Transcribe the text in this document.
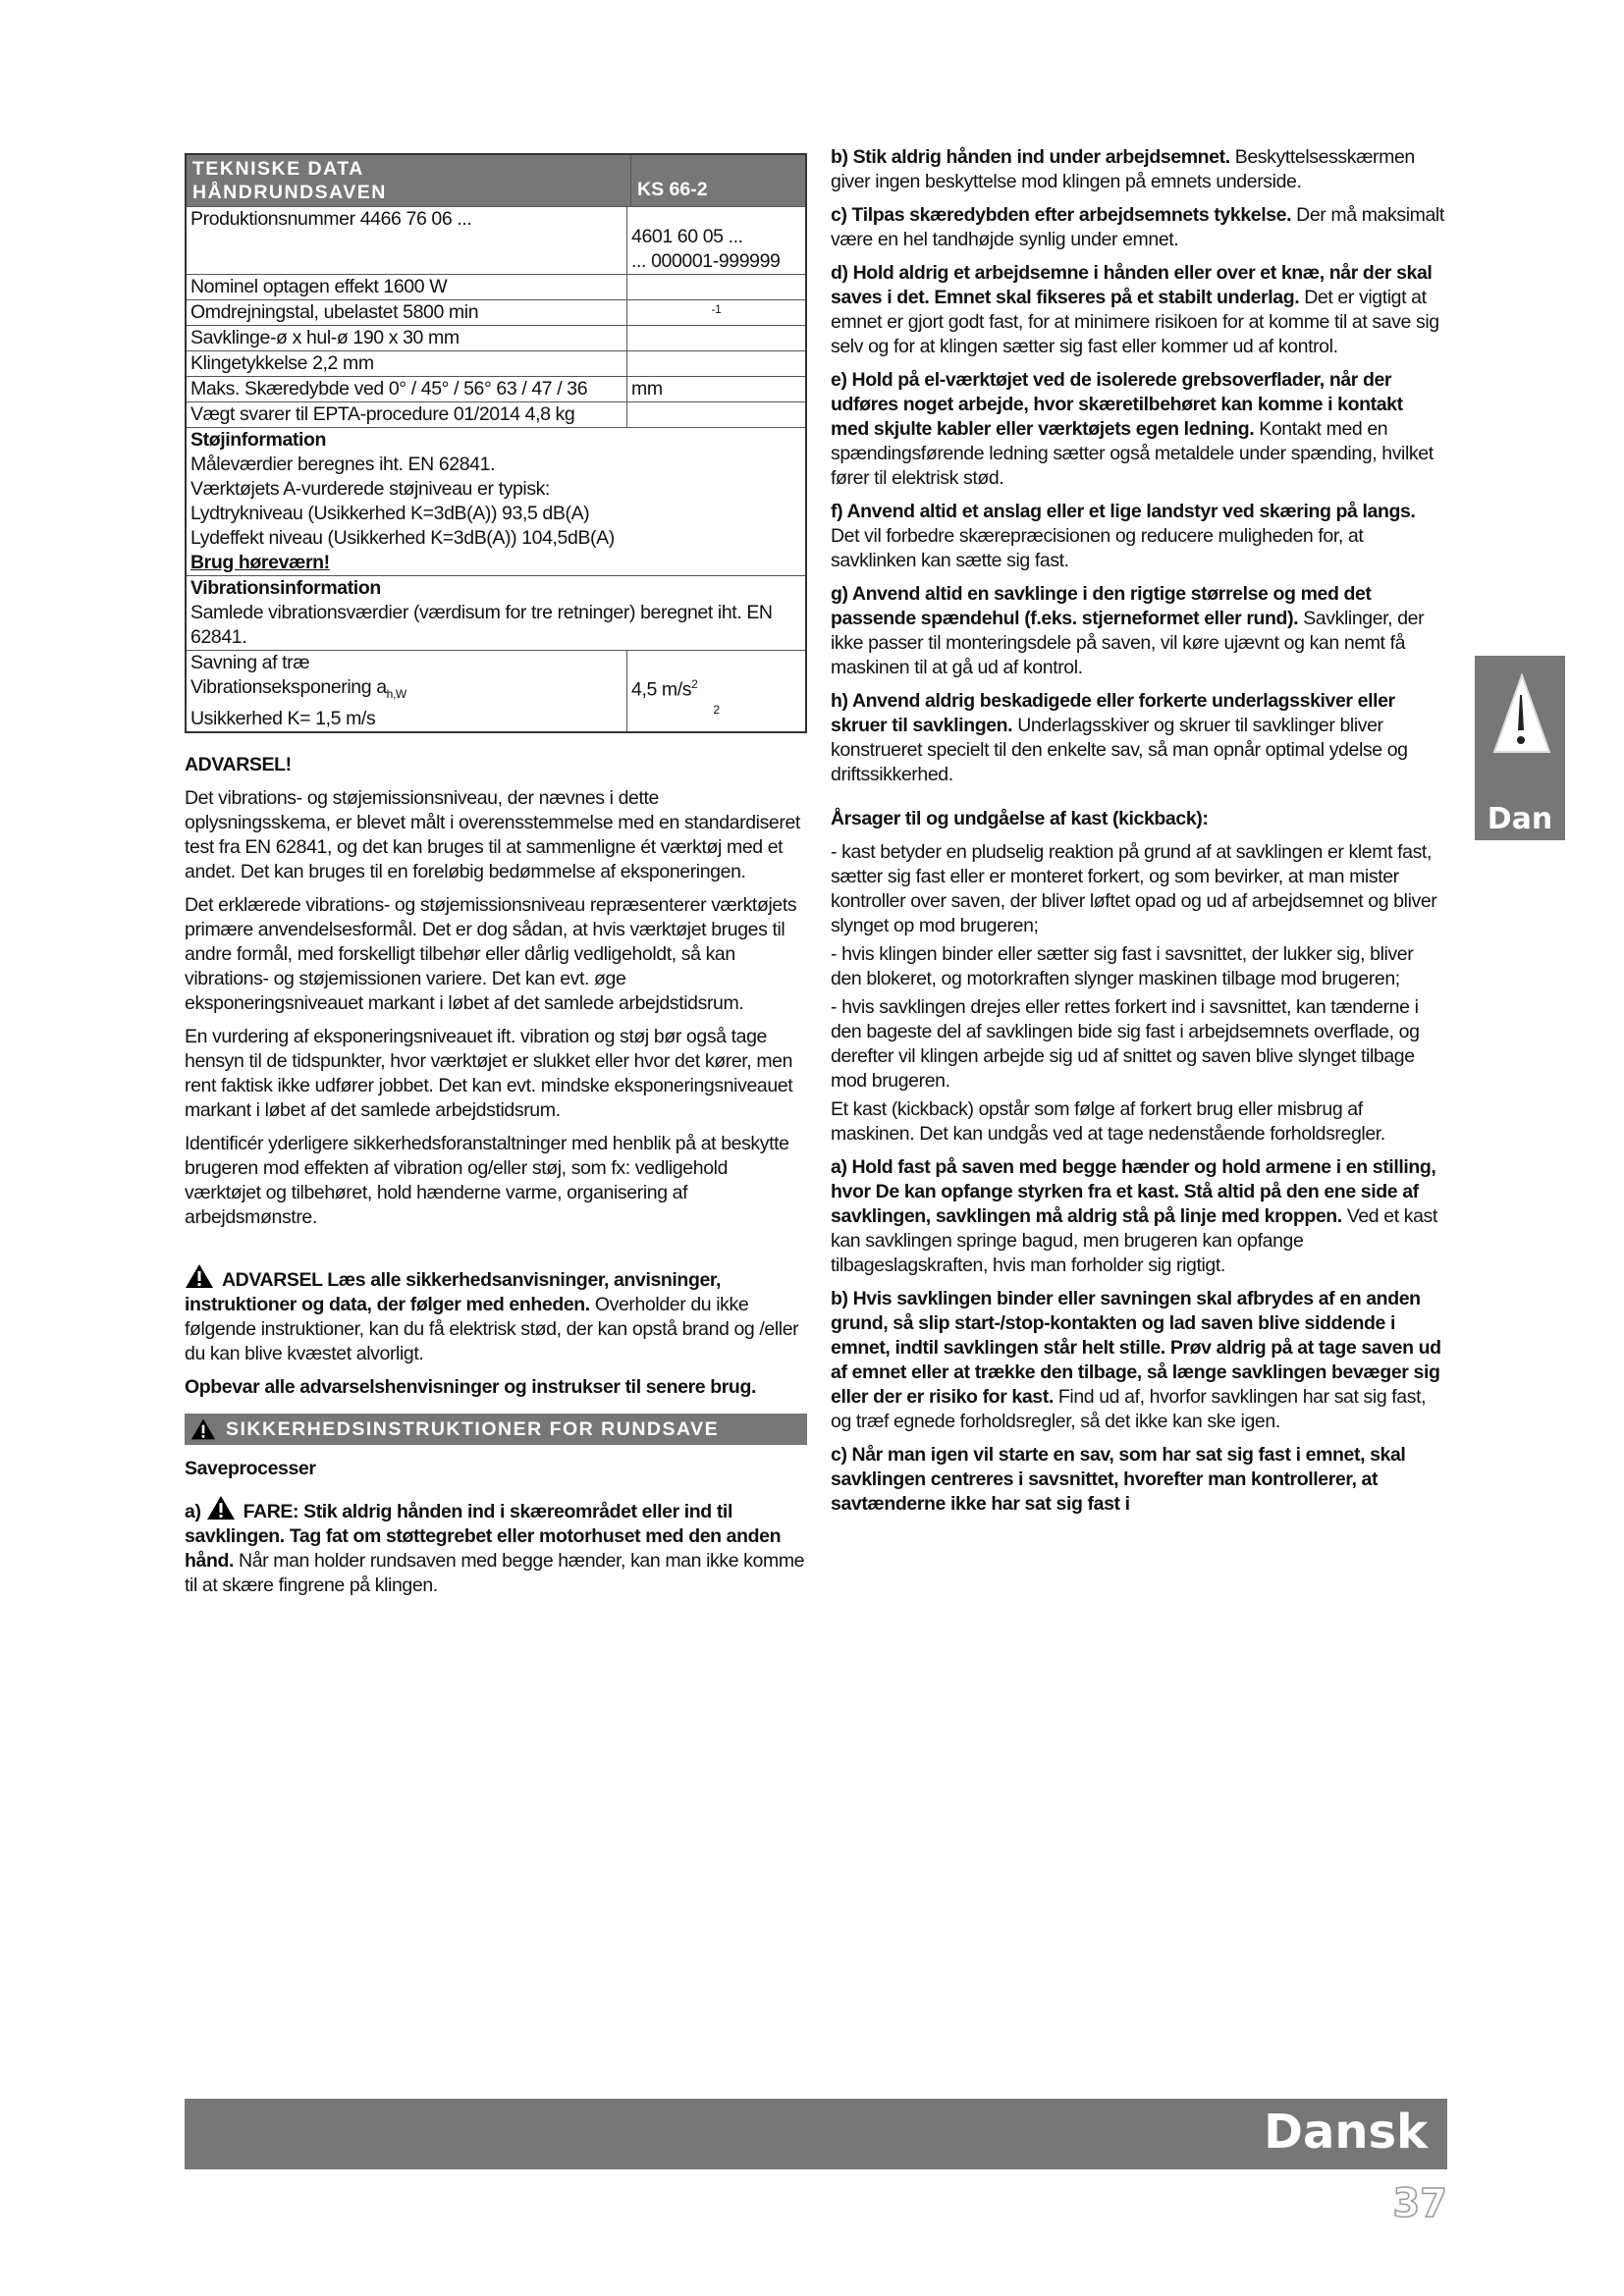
TEKNISKE DATA
HÅNDRUNDSAVEN	KS 66-2
Produktionsnummer 4466 76 06 ...
4601 60 05 ...
... 000001-999999
Nominel optagen effekt 1600 W
Omdrejningstal, ubelastet 5800 min	-1
Savklinge-ø x hul-ø 190 x 30 mm
Klingetykkelse 2,2 mm
Maks. Skæredybde ved 0° / 45° / 56° 63 / 47 / 36	mm
Vægt svarer til EPTA-procedure 01/2014 4,8 kg
Støjinformation
Måleværdier beregnes iht. EN 62841.
Værktøjets A-vurderede støjniveau er typisk:
Lydtrykniveau (Usikkerhed K=3dB(A)) 93,5 dB(A)
Lydeffekt niveau (Usikkerhed K=3dB(A)) 104,5dB(A)
Brug høreværn!
Vibrationsinformation
Samlede vibrationsværdier (værdisum for tre retninger) beregnet iht. EN 62841.
Savning af træ
Vibrationseksponering $a_{h,W}$
Usikkerhed K= 1,5 m/s
4,5 $m/s^2$
2

ADVARSEL!

Det vibrations- og støjemissionsniveau, der nævnes i dette oplysningsskema, er blevet målt i overensstemmelse med en standardiseret test fra EN 62841, og det kan bruges til at sammenligne ét værktøj med et andet. Det kan bruges til en foreløbig bedømmelse af eksponeringen.

Det erklærede vibrations- og støjemissionsniveau repræsenterer værktøjets primære anvendelsesformål. Det er dog sådan, at hvis værktøjet bruges til andre formål, med forskelligt tilbehør eller dårlig vedligeholdt, så kan vibrations- og støjemissionen variere. Det kan evt. øge eksponeringsniveauet markant i løbet af det samlede arbejdstidsrum.

En vurdering af eksponeringsniveauet ift. vibration og støj bør også tage hensyn til de tidspunkter, hvor værktøjet er slukket eller hvor det kører, men rent faktisk ikke udfører jobbet. Det kan evt. mindske eksponeringsniveauet markant i løbet af det samlede arbejdstidsrum.

Identificér yderligere sikkerhedsforanstaltninger med henblik på at beskytte brugeren mod effekten af vibration og/eller støj, som fx: vedligehold værktøjet og tilbehøret, hold hænderne varme, organisering af arbejdsmønstre.

ADVARSEL Læs alle sikkerhedsanvisninger, anvisninger, instruktioner og data, der følger med enheden. Overholder du ikke følgende instruktioner, kan du få elektrisk stød, der kan opstå brand og /eller du kan blive kvæstet alvorligt.

Opbevar alle advarselshenvisninger og instrukser til senere brug.

SIKKERHEDSINSTRUKTIONER FOR RUNDSAVE

Saveprocesser

a) FARE: Stik aldrig hånden ind i skæreområdet eller ind til savklingen. Tag fat om støttegrebet eller motorhuset med den anden hånd. Når man holder rundsaven med begge hænder, kan man ikke komme til at skære fingrene på klingen.

b) Stik aldrig hånden ind under arbejdsemnet. Beskyttelsesskærmen giver ingen beskyttelse mod klingen på emnets underside.

c) Tilpas skæredybden efter arbejdsemnets tykkelse. Der må maksimalt være en hel tandhøjde synlig under emnet.

d) Hold aldrig et arbejdsemne i hånden eller over et knæ, når der skal saves i det. Emnet skal fikseres på et stabilt underlag. Det er vigtigt at emnet er gjort godt fast, for at minimere risikoen for at komme til at save sig selv og for at klingen sætter sig fast eller kommer ud af kontrol.

e) Hold på el-værktøjet ved de isolerede grebsoverflader, når der udføres noget arbejde, hvor skæretilbehøret kan komme i kontakt med skjulte kabler eller værktøjets egen ledning. Kontakt med en spændingsførende ledning sætter også metaldele under spænding, hvilket fører til elektrisk stød.

f) Anvend altid et anslag eller et lige landstyr ved skæring på langs. Det vil forbedre skærepræcisionen og reducere muligheden for, at savklinken kan sætte sig fast.

g) Anvend altid en savklinge i den rigtige størrelse og med det passende spændehul (f.eks. stjerneformet eller rund). Savklinger, der ikke passer til monteringsdele på saven, vil køre ujævnt og kan nemt få maskinen til at gå ud af kontrol.

h) Anvend aldrig beskadigede eller forkerte underlagsskiver eller skruer til savklingen. Underlagsskiver og skruer til savklinger bliver konstrueret specielt til den enkelte sav, så man opnår optimal ydelse og driftssikkerhed.

Årsager til og undgåelse af kast (kickback):

- kast betyder en pludselig reaktion på grund af at savklingen er klemt fast, sætter sig fast eller er monteret forkert, og som bevirker, at man mister kontroller over saven, der bliver løftet opad og ud af arbejdsemnet og bliver slynget op mod brugeren;

- hvis klingen binder eller sætter sig fast i savsnittet, der lukker sig, bliver den blokeret, og motorkraften slynger maskinen tilbage mod brugeren;

- hvis savklingen drejes eller rettes forkert ind i savsnittet, kan tænderne i den bageste del af savklingen bide sig fast i arbejdsemnets overflade, og derefter vil klingen arbejde sig ud af snittet og saven blive slynget tilbage mod brugeren.

Et kast (kickback) opstår som følge af forkert brug eller misbrug af maskinen. Det kan undgås ved at tage nedenstående forholdsregler.

a) Hold fast på saven med begge hænder og hold armene i en stilling, hvor De kan opfange styrken fra et kast. Stå altid på den ene side af savklingen, savklingen må aldrig stå på linje med kroppen. Ved et kast kan savklingen springe bagud, men brugeren kan opfange tilbageslagskraften, hvis man forholder sig rigtigt.

b) Hvis savklingen binder eller savningen skal afbrydes af en anden grund, så slip start-/stop-kontakten og lad saven blive siddende i emnet, indtil savklingen står helt stille. Prøv aldrig på at tage saven ud af emnet eller at trække den tilbage, så længe savklingen bevæger sig eller der er risiko for kast. Find ud af, hvorfor savklingen har sat sig fast, og træf egnede forholdsregler, så det ikke kan ske igen.

c) Når man igen vil starte en sav, som har sat sig fast i emnet, skal savklingen centreres i savsnittet, hvorefter man kontrollerer, at savtænderne ikke har sat sig fast i

Dan
Dansk
37
